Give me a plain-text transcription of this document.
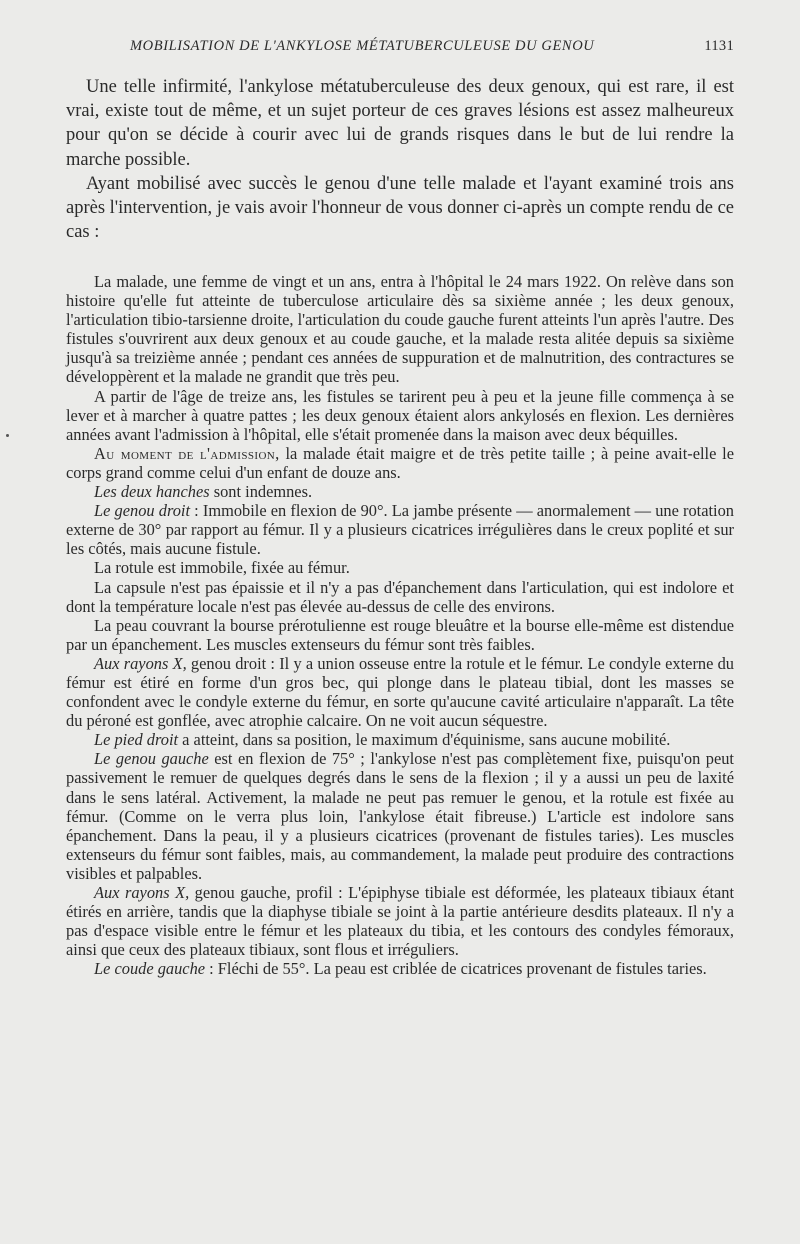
MOBILISATION DE L'ANKYLOSE MÉTATUBERCULEUSE DU GENOU	1131

Une telle infirmité, l'ankylose métatuberculeuse des deux genoux, qui est rare, il est vrai, existe tout de même, et un sujet porteur de ces graves lésions est assez malheureux pour qu'on se décide à courir avec lui de grands risques dans le but de lui rendre la marche possible.

Ayant mobilisé avec succès le genou d'une telle malade et l'ayant examiné trois ans après l'intervention, je vais avoir l'honneur de vous donner ci-après un compte rendu de ce cas :

La malade, une femme de vingt et un ans, entra à l'hôpital le 24 mars 1922. On relève dans son histoire qu'elle fut atteinte de tuberculose articulaire dès sa sixième année ; les deux genoux, l'articulation tibio-tarsienne droite, l'articulation du coude gauche furent atteints l'un après l'autre. Des fistules s'ouvrirent aux deux genoux et au coude gauche, et la malade resta alitée depuis sa sixième jusqu'à sa treizième année ; pendant ces années de suppuration et de malnutrition, des contractures se développèrent et la malade ne grandit que très peu.

A partir de l'âge de treize ans, les fistules se tarirent peu à peu et la jeune fille commença à se lever et à marcher à quatre pattes ; les deux genoux étaient alors ankylosés en flexion. Les dernières années avant l'admission à l'hôpital, elle s'était promenée dans la maison avec deux béquilles.

Au moment de l'admission, la malade était maigre et de très petite taille ; à peine avait-elle le corps grand comme celui d'un enfant de douze ans.

Les deux hanches sont indemnes.

Le genou droit : Immobile en flexion de 90°. La jambe présente — anormalement — une rotation externe de 30° par rapport au fémur. Il y a plusieurs cicatrices irrégulières dans le creux poplité et sur les côtés, mais aucune fistule.

La rotule est immobile, fixée au fémur.

La capsule n'est pas épaissie et il n'y a pas d'épanchement dans l'articulation, qui est indolore et dont la température locale n'est pas élevée au-dessus de celle des environs.

La peau couvrant la bourse prérotulienne est rouge bleuâtre et la bourse elle-même est distendue par un épanchement. Les muscles extenseurs du fémur sont très faibles.

Aux rayons X, genou droit : Il y a union osseuse entre la rotule et le fémur. Le condyle externe du fémur est étiré en forme d'un gros bec, qui plonge dans le plateau tibial, dont les masses se confondent avec le condyle externe du fémur, en sorte qu'aucune cavité articulaire n'apparaît. La tête du péroné est gonflée, avec atrophie calcaire. On ne voit aucun séquestre.

Le pied droit a atteint, dans sa position, le maximum d'équinisme, sans aucune mobilité.

Le genou gauche est en flexion de 75° ; l'ankylose n'est pas complètement fixe, puisqu'on peut passivement le remuer de quelques degrés dans le sens de la flexion ; il y a aussi un peu de laxité dans le sens latéral. Activement, la malade ne peut pas remuer le genou, et la rotule est fixée au fémur. (Comme on le verra plus loin, l'ankylose était fibreuse.) L'article est indolore sans épanchement. Dans la peau, il y a plusieurs cicatrices (provenant de fistules taries). Les muscles extenseurs du fémur sont faibles, mais, au commandement, la malade peut produire des contractions visibles et palpables.

Aux rayons X, genou gauche, profil : L'épiphyse tibiale est déformée, les plateaux tibiaux étant étirés en arrière, tandis que la diaphyse tibiale se joint à la partie antérieure desdits plateaux. Il n'y a pas d'espace visible entre le fémur et les plateaux du tibia, et les contours des condyles fémoraux, ainsi que ceux des plateaux tibiaux, sont flous et irréguliers.

Le coude gauche : Fléchi de 55°. La peau est criblée de cicatrices provenant de fistules taries.
